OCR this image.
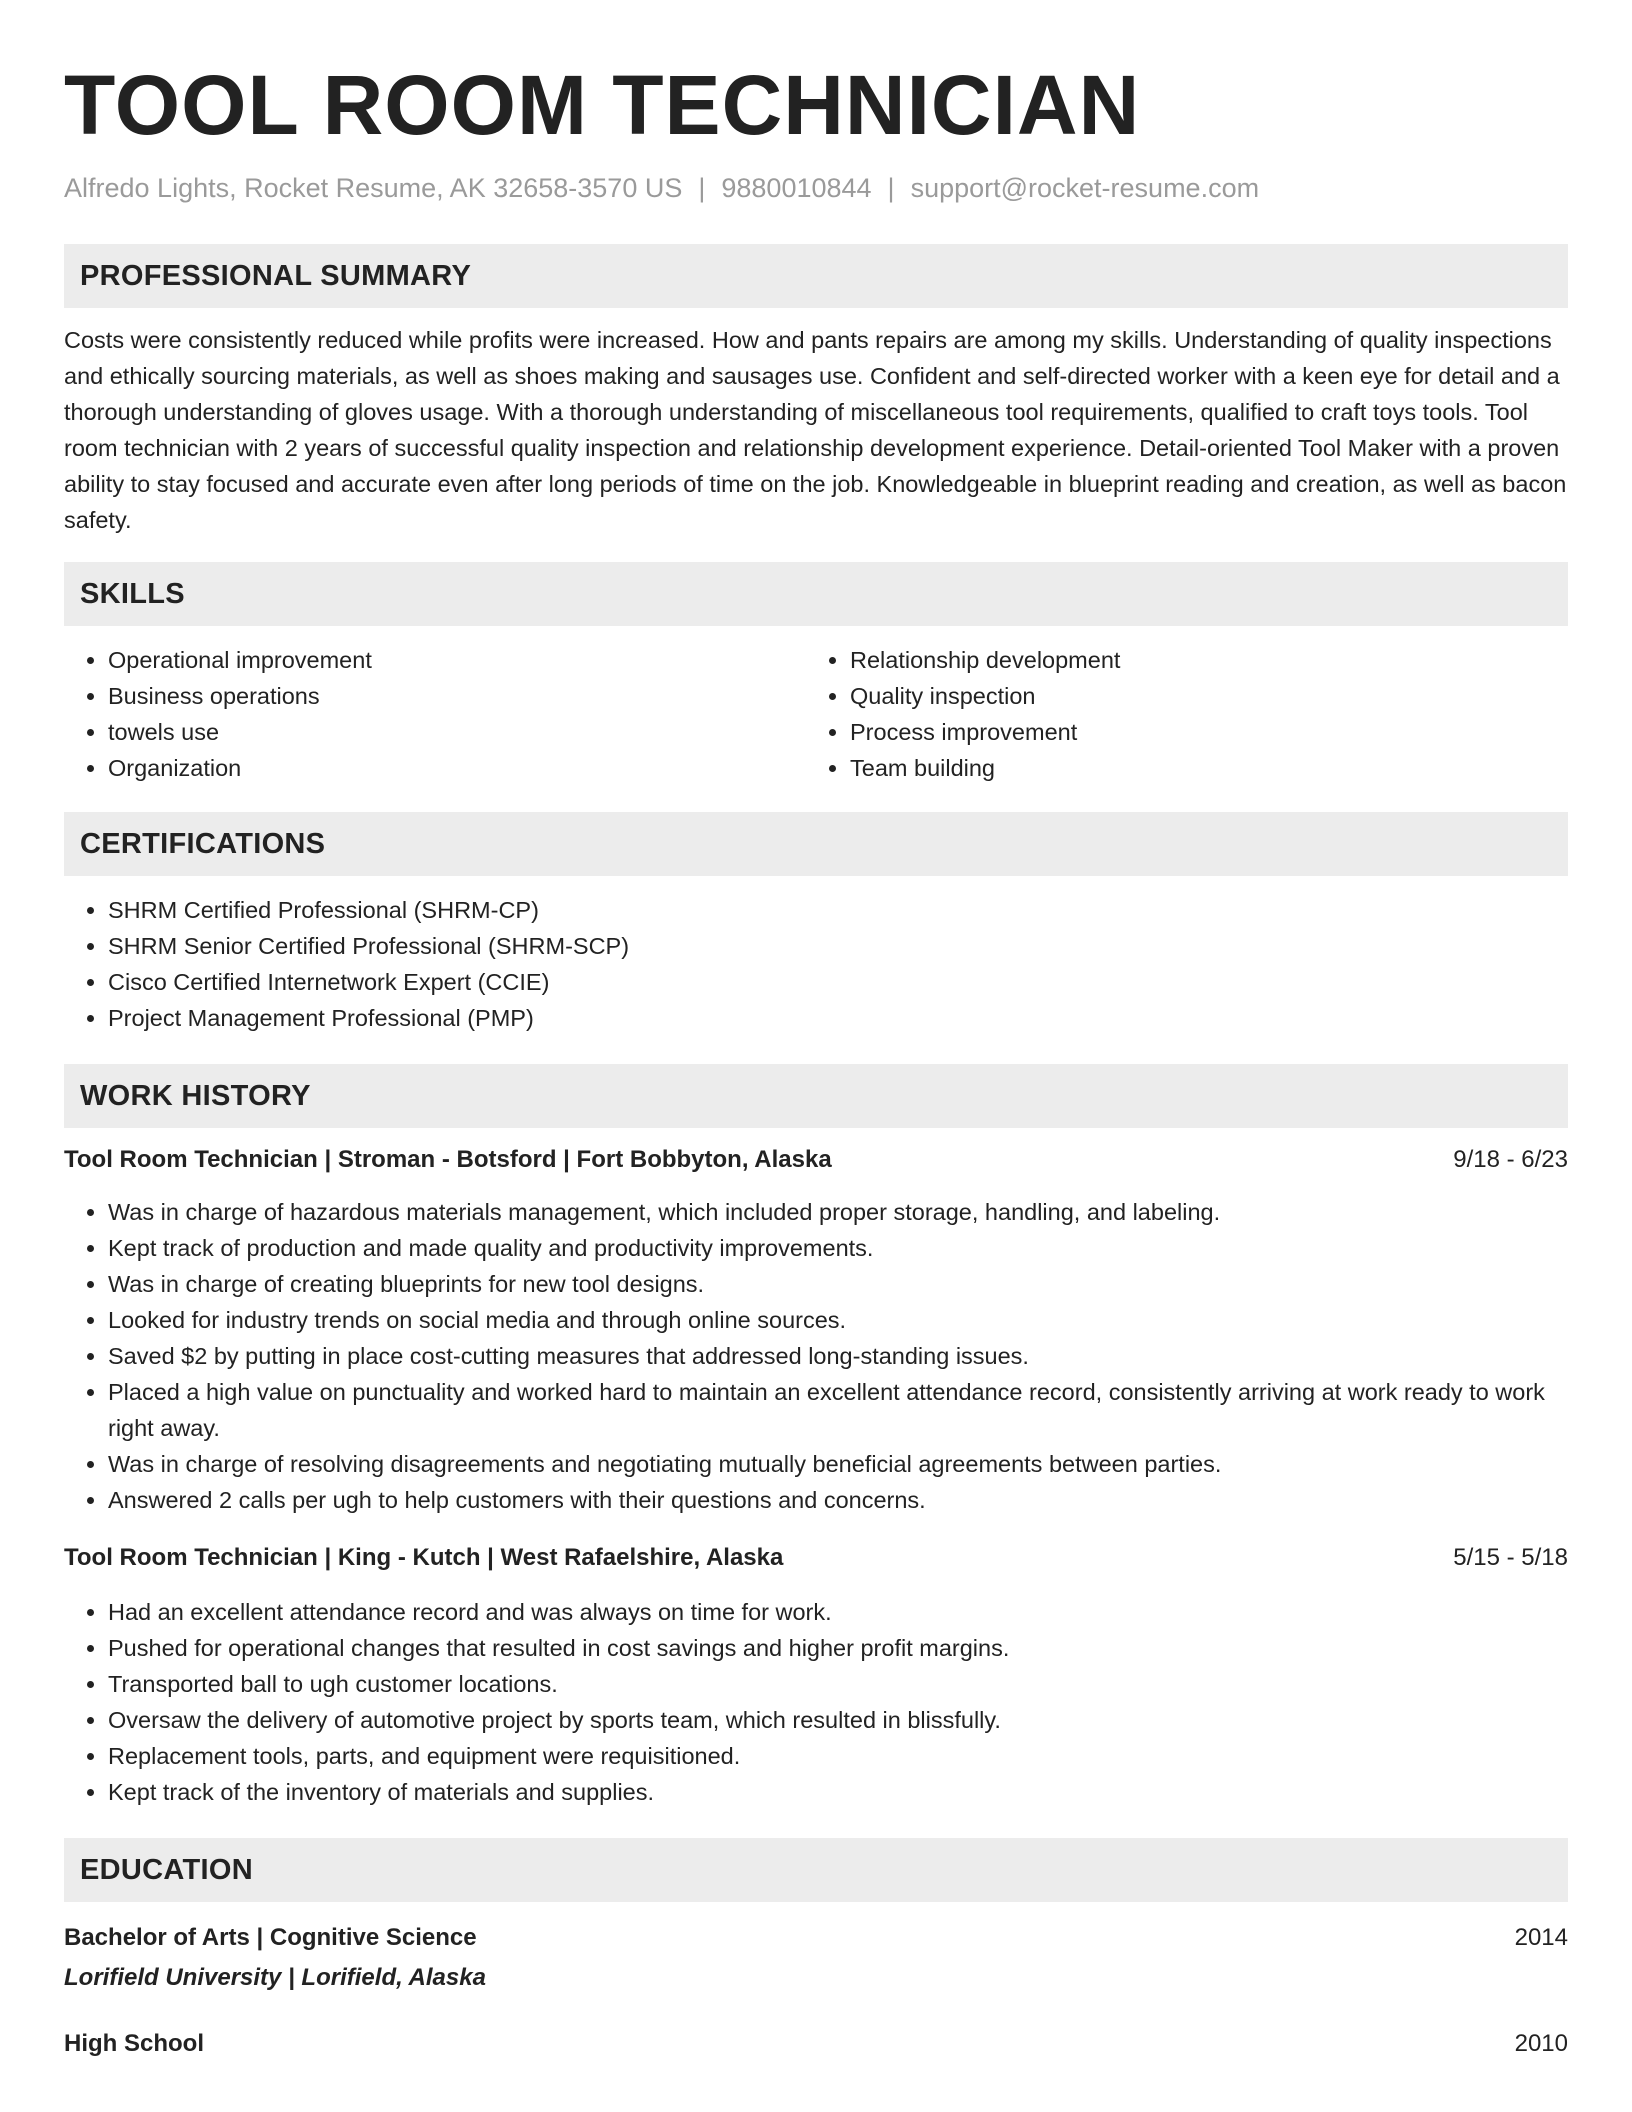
TOOL ROOM TECHNICIAN
Alfredo Lights, Rocket Resume, AK 32658-3570 US | 9880010844 | support@rocket-resume.com
PROFESSIONAL SUMMARY
Costs were consistently reduced while profits were increased. How and pants repairs are among my skills. Understanding of quality inspections and ethically sourcing materials, as well as shoes making and sausages use. Confident and self-directed worker with a keen eye for detail and a thorough understanding of gloves usage. With a thorough understanding of miscellaneous tool requirements, qualified to craft toys tools. Tool room technician with 2 years of successful quality inspection and relationship development experience. Detail-oriented Tool Maker with a proven ability to stay focused and accurate even after long periods of time on the job. Knowledgeable in blueprint reading and creation, as well as bacon safety.
SKILLS
• Operational improvement
• Business operations
• towels use
• Organization
• Relationship development
• Quality inspection
• Process improvement
• Team building
CERTIFICATIONS
• SHRM Certified Professional (SHRM-CP)
• SHRM Senior Certified Professional (SHRM-SCP)
• Cisco Certified Internetwork Expert (CCIE)
• Project Management Professional (PMP)
WORK HISTORY
Tool Room Technician | Stroman - Botsford | Fort Bobbyton, Alaska	9/18 - 6/23
• Was in charge of hazardous materials management, which included proper storage, handling, and labeling.
• Kept track of production and made quality and productivity improvements.
• Was in charge of creating blueprints for new tool designs.
• Looked for industry trends on social media and through online sources.
• Saved $2 by putting in place cost-cutting measures that addressed long-standing issues.
• Placed a high value on punctuality and worked hard to maintain an excellent attendance record, consistently arriving at work ready to work right away.
• Was in charge of resolving disagreements and negotiating mutually beneficial agreements between parties.
• Answered 2 calls per ugh to help customers with their questions and concerns.
Tool Room Technician | King - Kutch | West Rafaelshire, Alaska	5/15 - 5/18
• Had an excellent attendance record and was always on time for work.
• Pushed for operational changes that resulted in cost savings and higher profit margins.
• Transported ball to ugh customer locations.
• Oversaw the delivery of automotive project by sports team, which resulted in blissfully.
• Replacement tools, parts, and equipment were requisitioned.
• Kept track of the inventory of materials and supplies.
EDUCATION
Bachelor of Arts | Cognitive Science	2014
Lorifield University | Lorifield, Alaska
High School	2010
